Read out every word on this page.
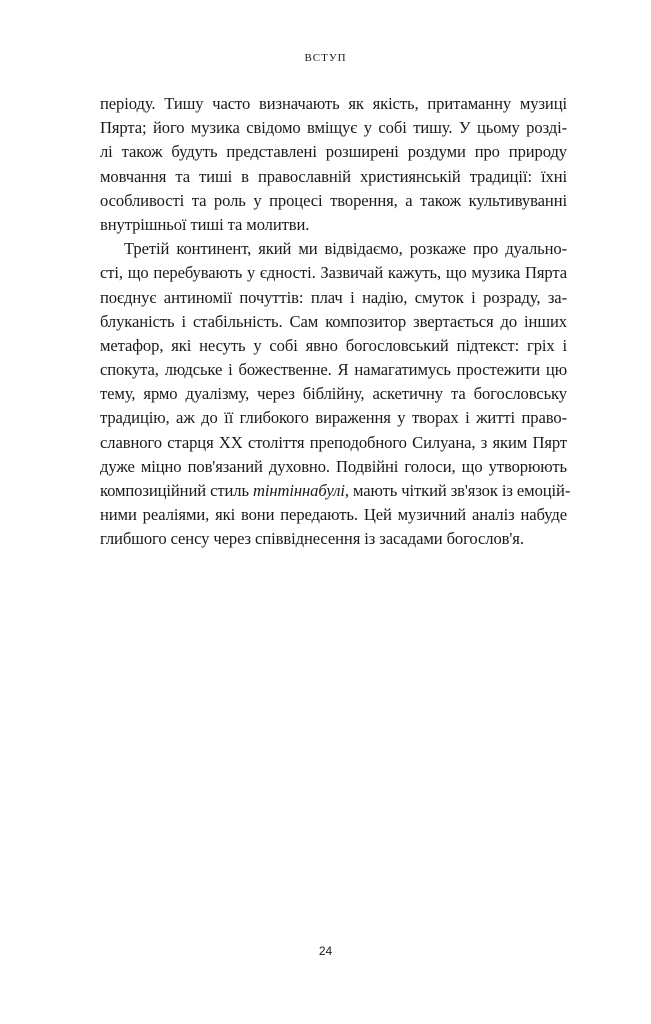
ВСТУП
періоду. Тишу часто визначають як якість, притаманну музиці
Пярта; його музика свідомо вміщує у собі тишу. У цьому розді-
лі також будуть представлені розширені роздуми про природу
мовчання та тиші в православній християнській традиції: їхні
особливості та роль у процесі творення, а також культивуванні
внутрішньої тиші та молитви.
Третій континент, який ми відвідаємо, розкаже про дуально-
сті, що перебувають у єдності. Зазвичай кажуть, що музика Пярта
поєднує антиномії почуттів: плач і надію, смуток і розраду, за-
блуканість і стабільність. Сам композитор звертається до інших
метафор, які несуть у собі явно богословський підтекст: гріх і
спокута, людське і божественне. Я намагатимусь простежити цю
тему, ярмо дуалізму, через біблійну, аскетичну та богословську
традицію, аж до її глибокого вираження у творах і житті право-
славного старця XX століття преподобного Силуана, з яким Пярт
дуже міцно пов'язаний духовно. Подвійні голоси, що утворюють
композиційний стиль тінтіннабулі, мають чіткий зв'язок із емоцій-
ними реаліями, які вони передають. Цей музичний аналіз набуде
глибшого сенсу через співвіднесення із засадами богослов'я.
24
